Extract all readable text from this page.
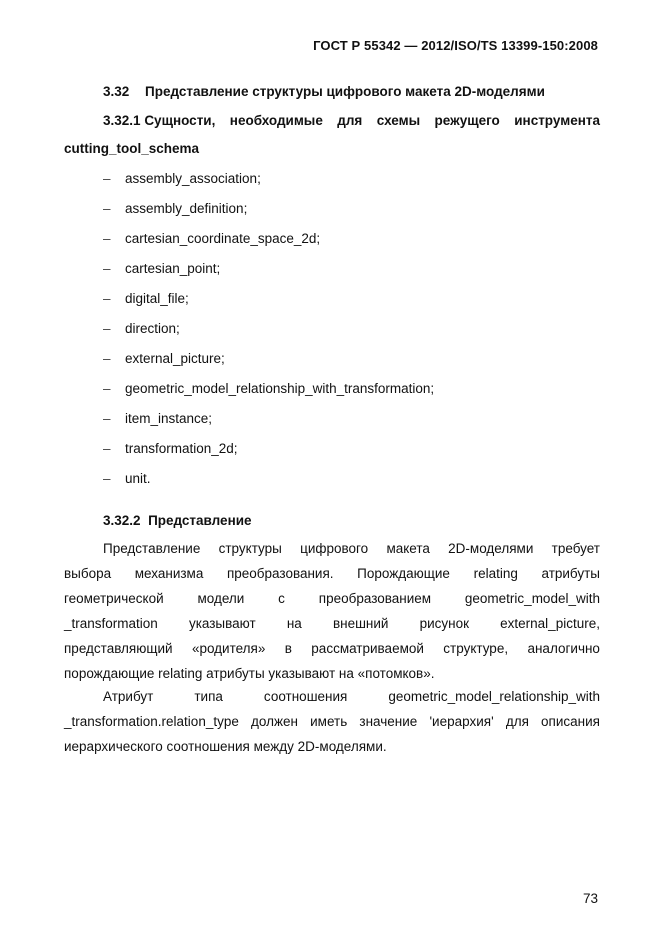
ГОСТ Р 55342 — 2012/ISO/TS 13399-150:2008
3.32 Представление структуры цифрового макета 2D-моделями
3.32.1 Сущности, необходимые для схемы режущего инструмента
cutting_tool_schema
– assembly_association;
– assembly_definition;
– cartesian_coordinate_space_2d;
– cartesian_point;
– digital_file;
– direction;
– external_picture;
– geometric_model_relationship_with_transformation;
– item_instance;
– transformation_2d;
– unit.
3.32.2 Представление
Представление структуры цифрового макета 2D-моделями требует
выбора механизма преобразования. Порождающие relating атрибуты
геометрической	модели	с	преобразованием	geometric_model_with
_transformation указывают на внешний рисунок external_picture,
представляющий «родителя» в рассматриваемой структуре, аналогично
порождающие relating атрибуты указывают на «потомков».
Атрибут	типа	соотношения	geometric_model_relationship_with
_transformation.relation_type должен иметь значение 'иерархия' для описания
иерархического соотношения между 2D-моделями.
73
